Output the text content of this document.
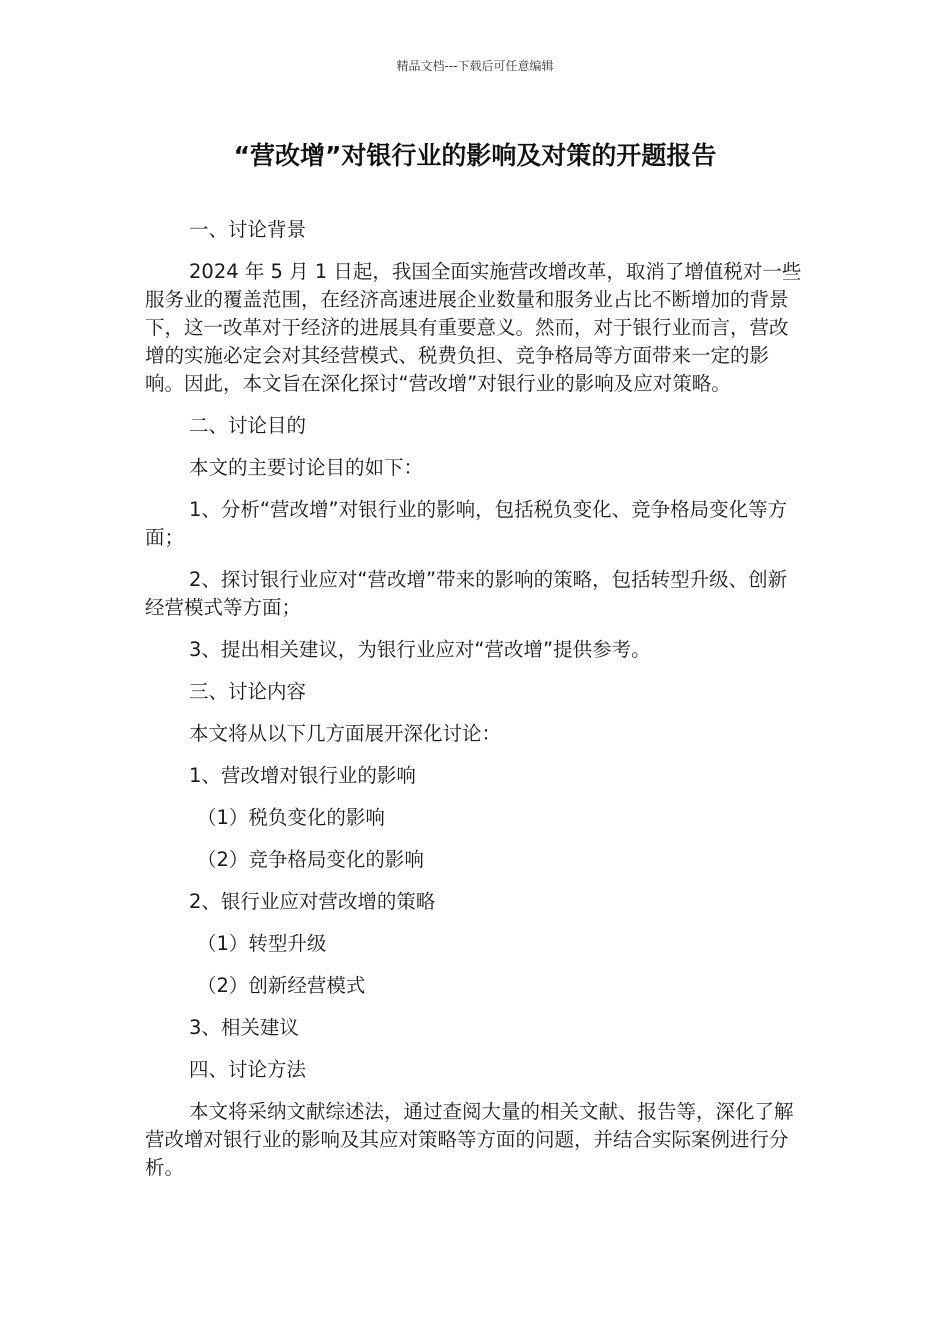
精品文档---下载后可任意编辑
“营改增”对银行业的影响及对策的开题报告

一、讨论背景

2024 年 5 月 1 日起，我国全面实施营改增改革，取消了增值税对一些服务业的覆盖范围，在经济高速进展企业数量和服务业占比不断增加的背景下，这一改革对于经济的进展具有重要意义。然而，对于银行业而言，营改增的实施必定会对其经营模式、税费负担、竞争格局等方面带来一定的影响。因此，本文旨在深化探讨“营改增”对银行业的影响及应对策略。

二、讨论目的

本文的主要讨论目的如下：

1、分析“营改增”对银行业的影响，包括税负变化、竞争格局变化等方面；

2、探讨银行业应对“营改增”带来的影响的策略，包括转型升级、创新经营模式等方面；

3、提出相关建议，为银行业应对“营改增”提供参考。

三、讨论内容

本文将从以下几方面展开深化讨论：

1、营改增对银行业的影响

（1）税负变化的影响

（2）竞争格局变化的影响

2、银行业应对营改增的策略

（1）转型升级

（2）创新经营模式

3、相关建议

四、讨论方法

本文将采纳文献综述法，通过查阅大量的相关文献、报告等，深化了解营改增对银行业的影响及其应对策略等方面的问题，并结合实际案例进行分析。
